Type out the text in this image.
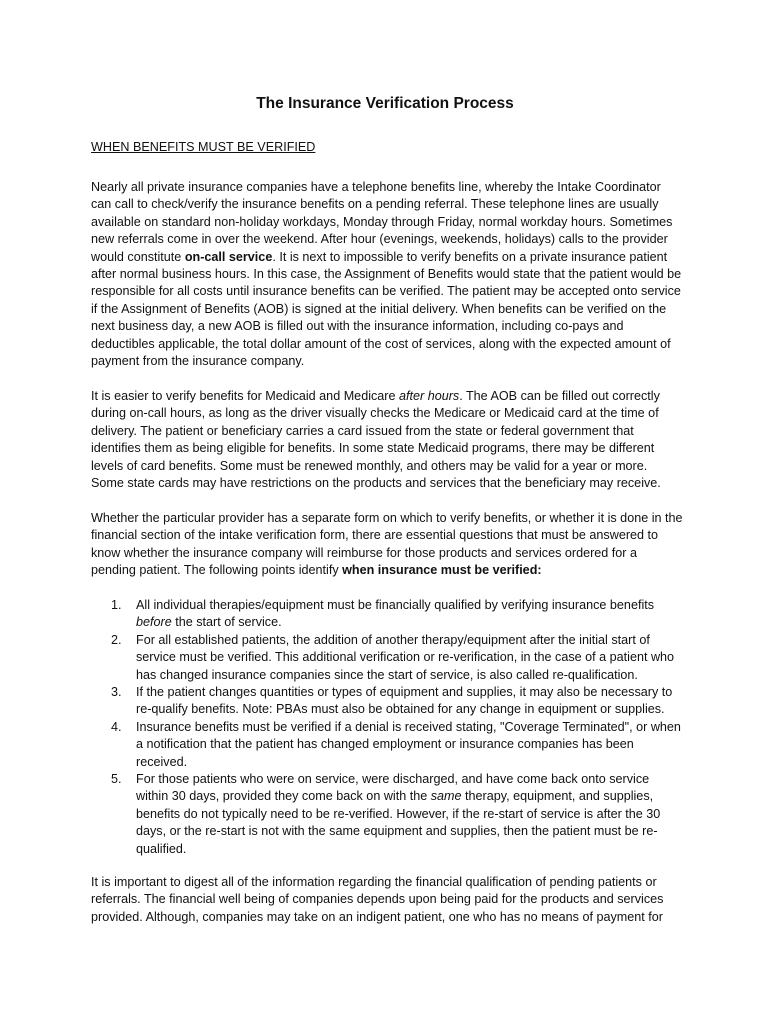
The Insurance Verification Process
WHEN BENEFITS MUST BE VERIFIED

Nearly all private insurance companies have a telephone benefits line, whereby the Intake Coordinator can call to check/verify the insurance benefits on a pending referral. These telephone lines are usually available on standard non-holiday workdays, Monday through Friday, normal workday hours. Sometimes new referrals come in over the weekend. After hour (evenings, weekends, holidays) calls to the provider would constitute on-call service. It is next to impossible to verify benefits on a private insurance patient after normal business hours. In this case, the Assignment of Benefits would state that the patient would be responsible for all costs until insurance benefits can be verified. The patient may be accepted onto service if the Assignment of Benefits (AOB) is signed at the initial delivery. When benefits can be verified on the next business day, a new AOB is filled out with the insurance information, including co-pays and deductibles applicable, the total dollar amount of the cost of services, along with the expected amount of payment from the insurance company.

It is easier to verify benefits for Medicaid and Medicare after hours. The AOB can be filled out correctly during on-call hours, as long as the driver visually checks the Medicare or Medicaid card at the time of delivery. The patient or beneficiary carries a card issued from the state or federal government that identifies them as being eligible for benefits. In some state Medicaid programs, there may be different levels of card benefits. Some must be renewed monthly, and others may be valid for a year or more. Some state cards may have restrictions on the products and services that the beneficiary may receive.

Whether the particular provider has a separate form on which to verify benefits, or whether it is done in the financial section of the intake verification form, there are essential questions that must be answered to know whether the insurance company will reimburse for those products and services ordered for a pending patient. The following points identify when insurance must be verified:

1. All individual therapies/equipment must be financially qualified by verifying insurance benefits before the start of service.
2. For all established patients, the addition of another therapy/equipment after the initial start of service must be verified. This additional verification or re-verification, in the case of a patient who has changed insurance companies since the start of service, is also called re-qualification.
3. If the patient changes quantities or types of equipment and supplies, it may also be necessary to re-qualify benefits. Note: PBAs must also be obtained for any change in equipment or supplies.
4. Insurance benefits must be verified if a denial is received stating, "Coverage Terminated", or when a notification that the patient has changed employment or insurance companies has been received.
5. For those patients who were on service, were discharged, and have come back onto service within 30 days, provided they come back on with the same therapy, equipment, and supplies, benefits do not typically need to be re-verified. However, if the re-start of service is after the 30 days, or the re-start is not with the same equipment and supplies, then the patient must be re-qualified.

It is important to digest all of the information regarding the financial qualification of pending patients or referrals. The financial well being of companies depends upon being paid for the products and services provided. Although, companies may take on an indigent patient, one who has no means of payment for
